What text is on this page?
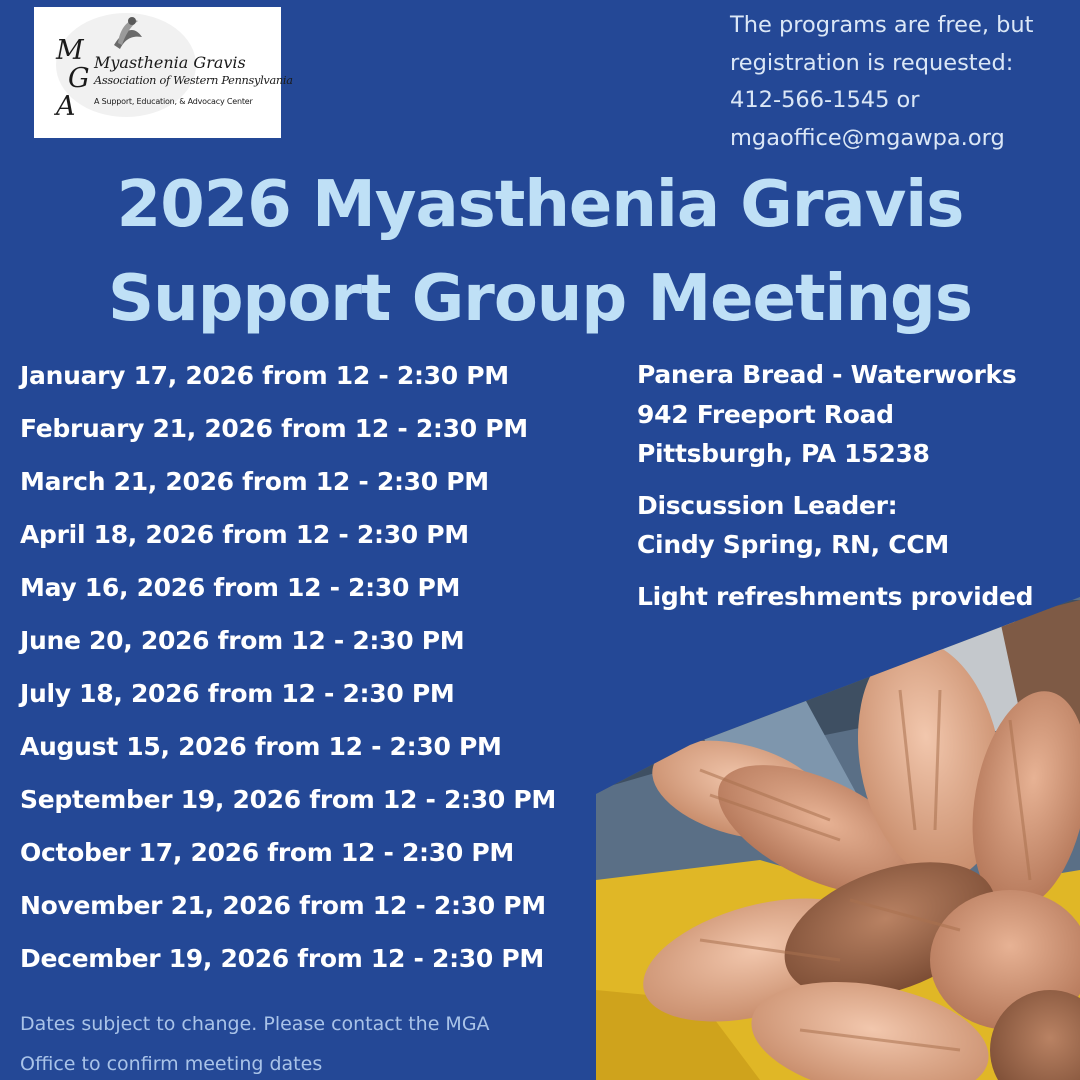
M
G
A
Myasthenia Gravis
Association of Western Pennsylvania
A Support, Education, & Advocacy Center
The programs are free, but
registration is requested:
412-566-1545 or
mgaoffice@mgawpa.org
2026 Myasthenia Gravis
Support Group Meetings
January 17, 2026 from 12 - 2:30 PM
February 21, 2026 from 12 - 2:30 PM
March 21, 2026 from 12 - 2:30 PM
April 18, 2026 from 12 - 2:30 PM
May 16, 2026 from 12 - 2:30 PM
June 20, 2026 from 12 - 2:30 PM
July 18, 2026 from 12 - 2:30 PM
August 15, 2026 from 12 - 2:30 PM
September 19, 2026 from 12 - 2:30 PM
October 17, 2026 from 12 - 2:30 PM
November 21, 2026 from 12 - 2:30 PM
December 19, 2026 from 12 - 2:30 PM
Panera Bread - Waterworks
942 Freeport Road
Pittsburgh, PA 15238
Discussion Leader:
Cindy Spring, RN, CCM
Light refreshments provided
Dates subject to change. Please contact the MGA
Office to confirm meeting dates
